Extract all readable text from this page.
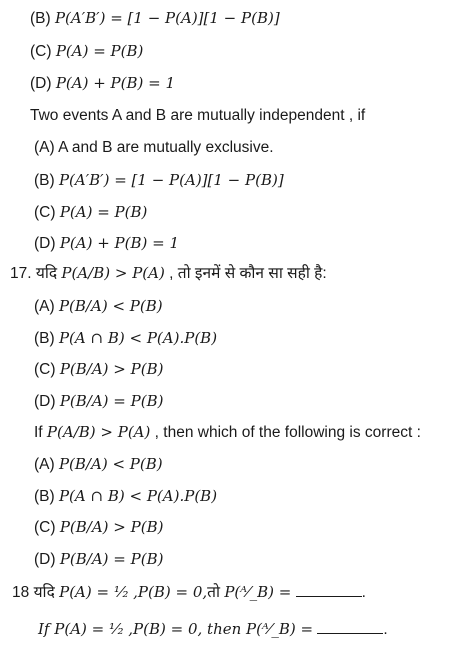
(B) P(A′B′) = [1 − P(A)][1 − P(B)]
(C) P(A) = P(B)
(D) P(A) + P(B) = 1
Two events A and B are mutually independent , if
(A) A and B are mutually exclusive.
(B) P(A′B′) = [1 − P(A)][1 − P(B)]
(C) P(A) = P(B)
(D) P(A) + P(B) = 1
(A) P(B/A) < P(B)
(B) P(A ∩ B) < P(A).P(B)
(C) P(B/A) > P(B)
(D) P(B/A) = P(B)
(A) P(B/A) < P(B)
(B) P(A ∩ B) < P(A).P(B)
(C) P(B/A) > P(B)
(D) P(B/A) = P(B)
17. यदि P(A/B) > P(A) , तो इनमें से कौन सा सही है:
If P(A/B) > P(A) , then which of the following is correct :
18 यदि P(A) = ¹⁄₂ ,P(B) = 0,तो P(ᴬ⁄_B) =	.
If P(A) = ¹⁄₂ ,P(B) = 0, then P(ᴬ⁄_B) =	.
